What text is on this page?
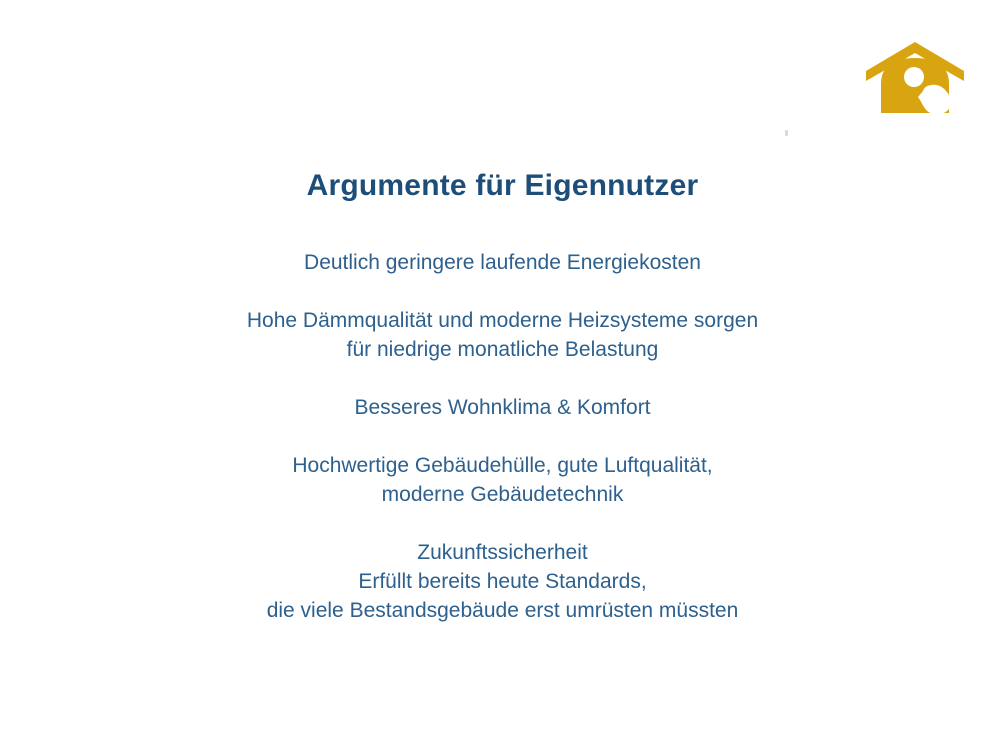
Argumente für Eigennutzer
Deutlich geringere laufende Energiekosten
Hohe Dämmqualität und moderne Heizsysteme sorgen
für niedrige monatliche Belastung
Besseres Wohnklima & Komfort
Hochwertige Gebäudehülle, gute Luftqualität,
moderne Gebäudetechnik
Zukunftssicherheit
Erfüllt bereits heute Standards,
die viele Bestandsgebäude erst umrüsten müssten
